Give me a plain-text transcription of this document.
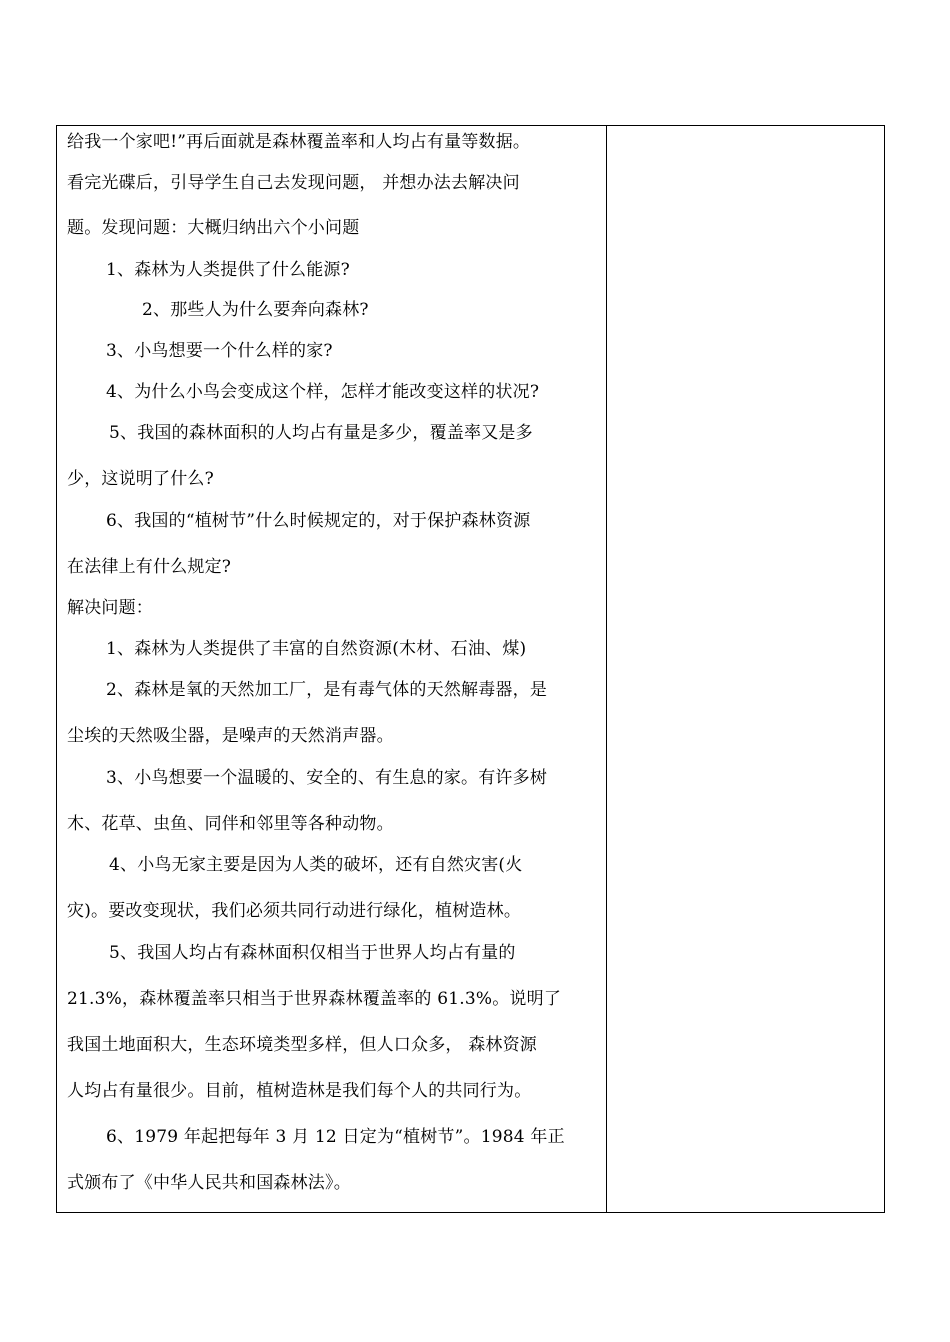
给我一个家吧!”再后面就是森林覆盖率和人均占有量等数据。
看完光碟后，引导学生自己去发现问题， 并想办法去解决问
题。发现问题：大概归纳出六个小问题
1、森林为人类提供了什么能源?
2、那些人为什么要奔向森林?
3、小鸟想要一个什么样的家?
4、为什么小鸟会变成这个样，怎样才能改变这样的状况?
5、我国的森林面积的人均占有量是多少，覆盖率又是多
少，这说明了什么?
6、我国的“植树节”什么时候规定的，对于保护森林资源
在法律上有什么规定?
解决问题：
1、森林为人类提供了丰富的自然资源(木材、石油、煤)
2、森林是氧的天然加工厂，是有毒气体的天然解毒器，是
尘埃的天然吸尘器，是噪声的天然消声器。
3、小鸟想要一个温暖的、安全的、有生息的家。有许多树
木、花草、虫鱼、同伴和邻里等各种动物。
4、小鸟无家主要是因为人类的破坏，还有自然灾害(火
灾)。要改变现状，我们必须共同行动进行绿化，植树造林。
5、我国人均占有森林面积仅相当于世界人均占有量的
21.3%，森林覆盖率只相当于世界森林覆盖率的 61.3%。说明了
我国土地面积大，生态环境类型多样，但人口众多， 森林资源
人均占有量很少。目前，植树造林是我们每个人的共同行为。
6、1979 年起把每年 3 月 12 日定为“植树节”。1984 年正
式颁布了《中华人民共和国森林法》。
